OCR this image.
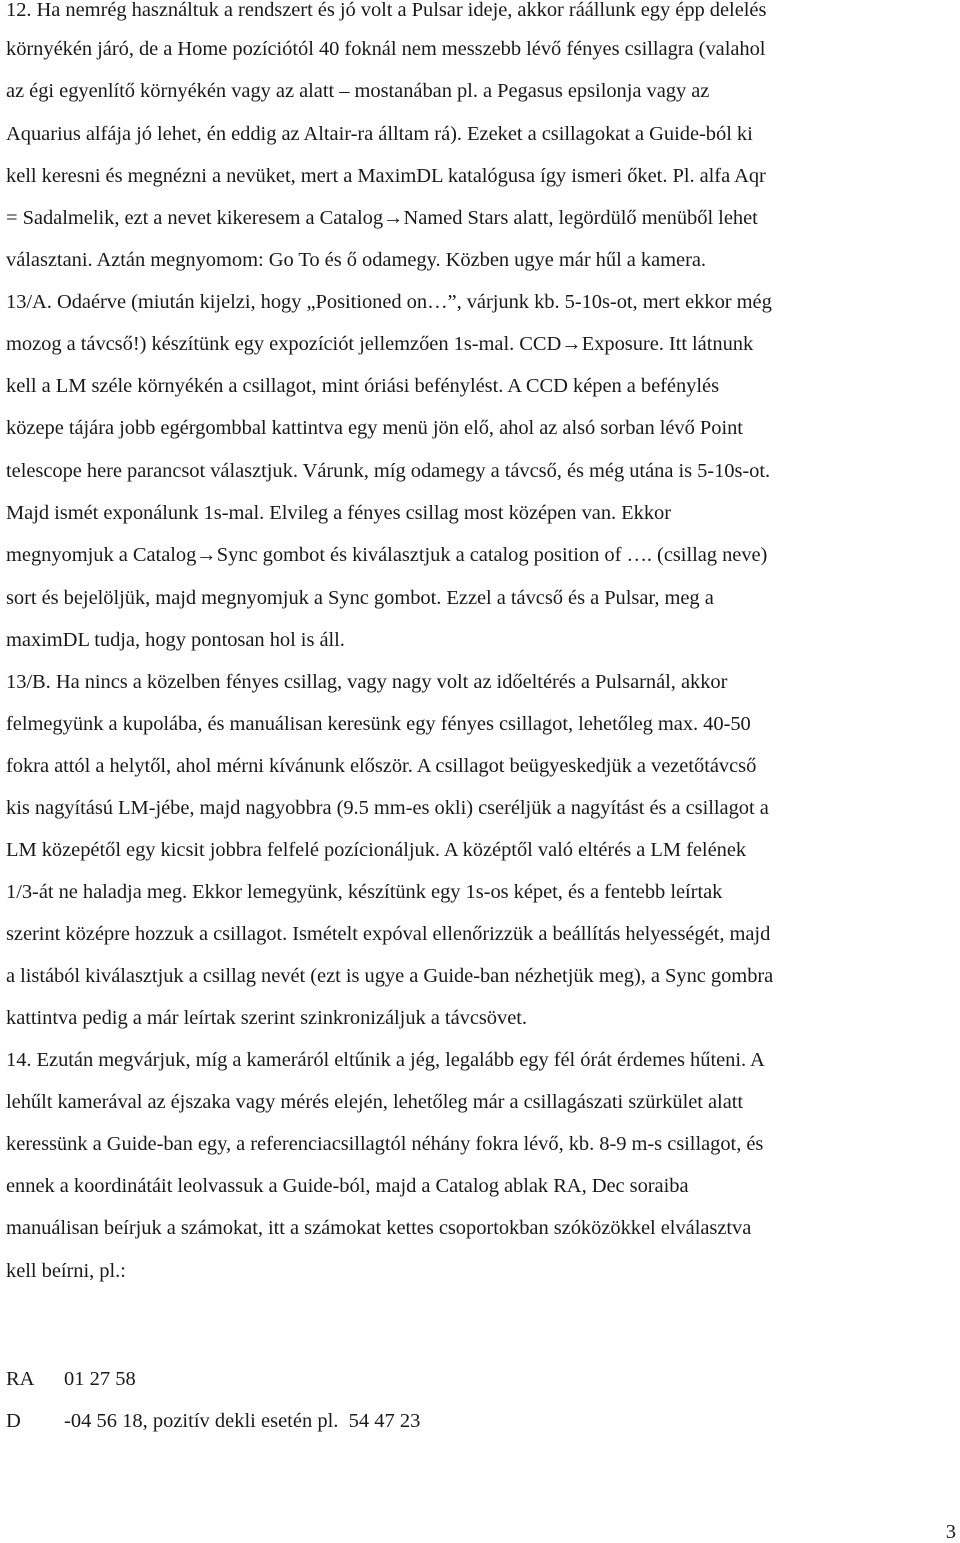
12. Ha nemrég használtuk a rendszert és jó volt a Pulsar ideje, akkor ráállunk egy épp delelés
környékén járó, de a Home pozíciótól 40 foknál nem messzebb lévő fényes csillagra (valahol
az égi egyenlítő környékén vagy az alatt – mostanában pl. a Pegasus epsilonja vagy az
Aquarius alfája jó lehet, én eddig az Altair-ra álltam rá). Ezeket a csillagokat a Guide-ból ki
kell keresni és megnézni a nevüket, mert a MaximDL katalógusa így ismeri őket. Pl. alfa Aqr
= Sadalmelik, ezt a nevet kikeresem a Catalog→Named Stars alatt, legördülő menüből lehet
választani. Aztán megnyomom: Go To és ő odamegy. Közben ugye már hűl a kamera.
13/A. Odaérve (miután kijelzi, hogy „Positioned on…”, várjunk kb. 5-10s-ot, mert ekkor még
mozog a távcső!) készítünk egy expozíciót jellemzően 1s-mal. CCD→Exposure. Itt látnunk
kell a LM széle környékén a csillagot, mint óriási befénylést. A CCD képen a befénylés
közepe tájára jobb egérgombbal kattintva egy menü jön elő, ahol az alsó sorban lévő Point
telescope here parancsot választjuk. Várunk, míg odamegy a távcső, és még utána is 5-10s-ot.
Majd ismét exponálunk 1s-mal. Elvileg a fényes csillag most középen van. Ekkor
megnyomjuk a Catalog→Sync gombot és kiválasztjuk a catalog position of …. (csillag neve)
sort és bejelöljük, majd megnyomjuk a Sync gombot. Ezzel a távcső és a Pulsar, meg a
maximDL tudja, hogy pontosan hol is áll.
13/B. Ha nincs a közelben fényes csillag, vagy nagy volt az időeltérés a Pulsarnál, akkor
felmegyünk a kupolába, és manuálisan keresünk egy fényes csillagot, lehetőleg max. 40-50
fokra attól a helytől, ahol mérni kívánunk először. A csillagot beügyeskedjük a vezetőtávcső
kis nagyítású LM-jébe, majd nagyobbra (9.5 mm-es okli) cseréljük a nagyítást és a csillagot a
LM közepétől egy kicsit jobbra felfelé pozícionáljuk. A középtől való eltérés a LM felének
1/3-át ne haladja meg. Ekkor lemegyünk, készítünk egy 1s-os képet, és a fentebb leírtak
szerint középre hozzuk a csillagot. Ismételt expóval ellenőrizzük a beállítás helyességét, majd
a listából kiválasztjuk a csillag nevét (ezt is ugye a Guide-ban nézhetjük meg), a Sync gombra
kattintva pedig a már leírtak szerint szinkronizáljuk a távcsövet.
14. Ezután megvárjuk, míg a kameráról eltűnik a jég, legalább egy fél órát érdemes hűteni. A
lehűlt kamerával az éjszaka vagy mérés elején, lehetőleg már a csillagászati szürkület alatt
keressünk a Guide-ban egy, a referenciacsillagtól néhány fokra lévő, kb. 8-9 m-s csillagot, és
ennek a koordinátáit leolvassuk a Guide-ból, majd a Catalog ablak RA, Dec soraiba
manuálisan beírjuk a számokat, itt a számokat kettes csoportokban szóközökkel elválasztva
kell beírni, pl.:
RA 01 27 58
D -04 56 18, pozitív dekli esetén pl.  54 47 23
3
